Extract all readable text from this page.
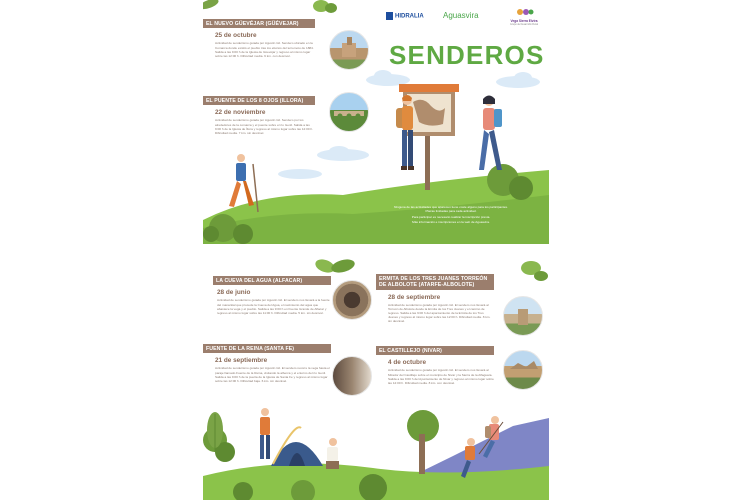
HIDRALIA Aguasvira
Vega Sierra Elvira
Grupo de Desarrollo Rural
SENDEROS
EL NUEVO GÜEVÉJAR (GÜÉVEJAR)
25 de octubre
Actividad de senderismo guiada por Agustín Gil. Sendero ubicado en la Comarca donde existió el pueblo tras los efectos del terremoto de 1884. Salida a las 9:00 h de la Iglesia de Güevéjar y regreso al mismo lugar sobre las 12:00 h. Dificultad media. 9 km. con desnivel.
EL PUENTE DE LOS 8 OJOS (ILLORA)
22 de noviembre
Actividad de senderismo guiada por Agustín Gil. Sendero por los alrededores de la comarca y el puente sobre el río Genil. Salida a las 9:00 h de la Iglesia de Íllora y regreso al mismo lugar sobre las 12:00 h. Dificultad media. 7 km. sin desnivel.
Ninguna de las actividades que aparecen tiene coste alguno para los participantes.
Plazas limitadas para cada actividad.
Para participar es necesario realizar la inscripción previa.
Más información e inscripciones en la web de Aguasvira.
LA CUEVA DEL AGUA (ALFACAR)
28 de junio
Actividad de senderismo guiada por Agustín Gil. El sendero nos llevará a la fuente del manantial que procede la Cueva del Agua, el nacimiento del agua que abastece la vega y el pueblo. Salida a las 9:00 h en Fuente Grande de Alfacar y regreso al mismo lugar sobre las 11:00 h. Dificultad media. 5 km. sin desnivel.
FUENTE DE LA REINA (SANTA FE)
21 de septiembre
Actividad de senderismo guiada por Agustín Gil. El sendero recorre la vega hasta el paraje llamado Fuente de la Reina, visitando la alberca y el entorno del río Genil. Salida a las 9:00 h de la puerta de la Iglesia de Santa Fe y regreso al mismo lugar sobre las 12:00 h. Dificultad baja. 6 km. sin desnivel.
ERMITA DE LOS TRES JUANES TORREÓN DE ALBOLOTE (ATARFE-ALBOLOTE)
28 de septiembre
Actividad de senderismo guiada por Agustín Gil. El sendero nos llevará al Torreón de Albolote desde la Ermita de los Tres Juanes y el camino de regreso. Salida a las 9:00 h del aparcamiento de la Ermita de los Tres Juanes y regreso al mismo lugar sobre las 12:00 h. Dificultad media. 8 km. sin desnivel.
EL CASTILLEJO (NIVAR)
4 de octubre
Actividad de senderismo guiada por Agustín Gil. El sendero nos llevará al Mirador del Castillejo sobre el municipio de Nívar y la Sierra de la Alfaguara. Salida a las 9:00 h del Ayuntamiento de Nívar y regreso al mismo lugar sobre las 12:00 h. Dificultad media. 8 km. con desnivel.
